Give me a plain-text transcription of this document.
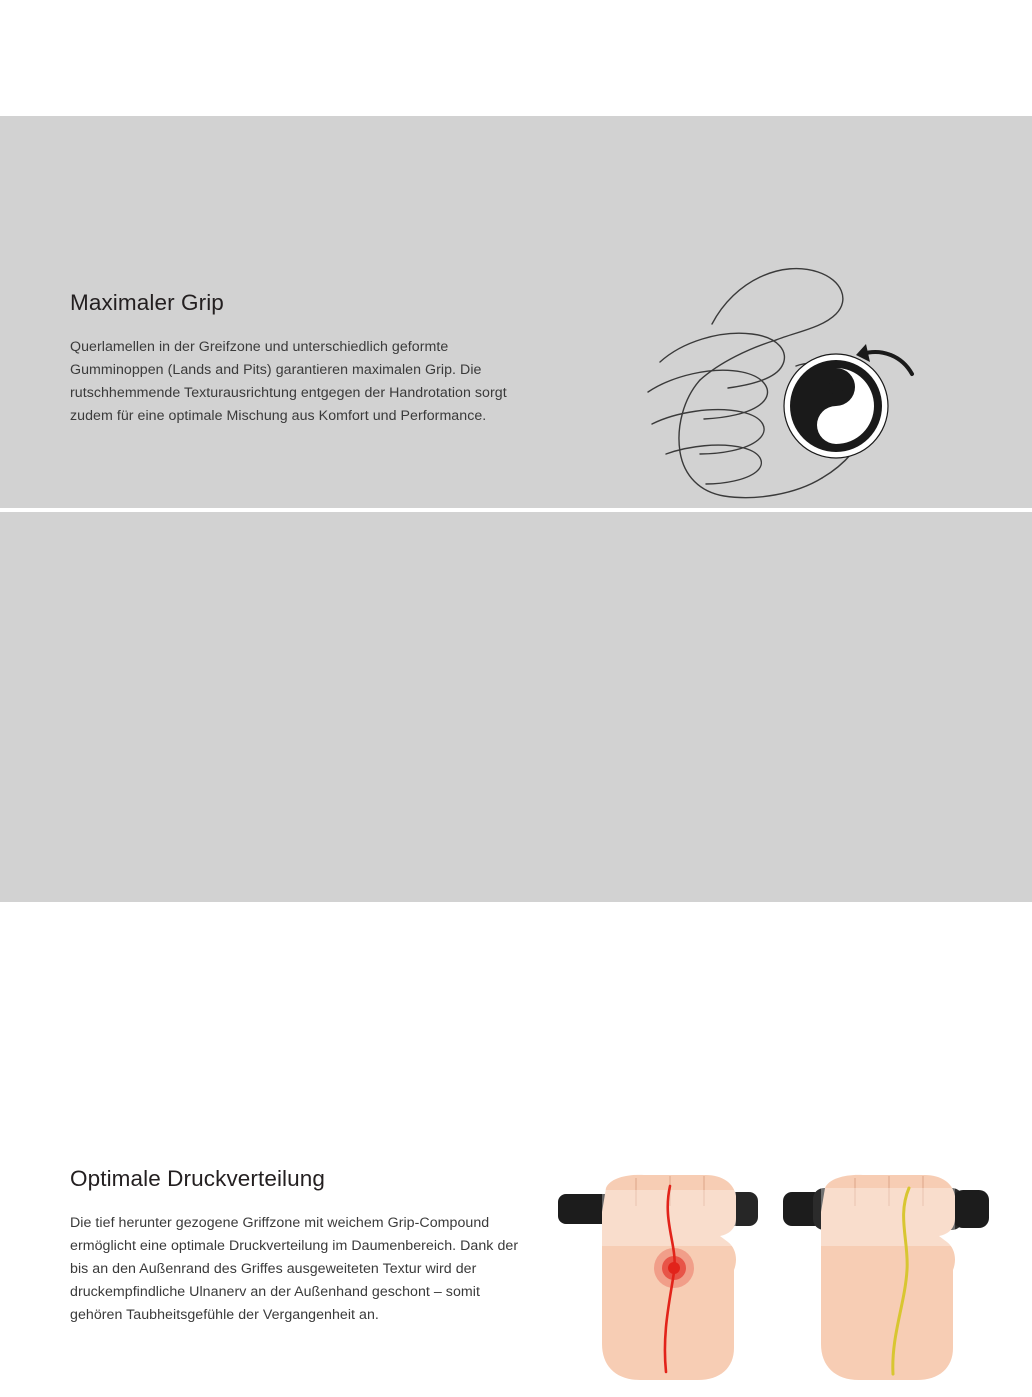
Maximaler Grip

Querlamellen in der Greifzone und unterschiedlich geformte Gumminoppen (Lands and Pits) garantieren maximalen Grip. Die rutschhemmende Texturausrichtung entgegen der Handrotation sorgt zudem für eine optimale Mischung aus Komfort und Performance.

Optimale Druckverteilung

Die tief herunter gezogene Griffzone mit weichem Grip-Compound ermöglicht eine optimale Druckverteilung im Daumenbereich. Dank der bis an den Außenrand des Griffes ausgeweiteten Textur wird der druckempfindliche Ulnanerv an der Außenhand geschont – somit gehören Taubheitsgefühle der Vergangenheit an.
